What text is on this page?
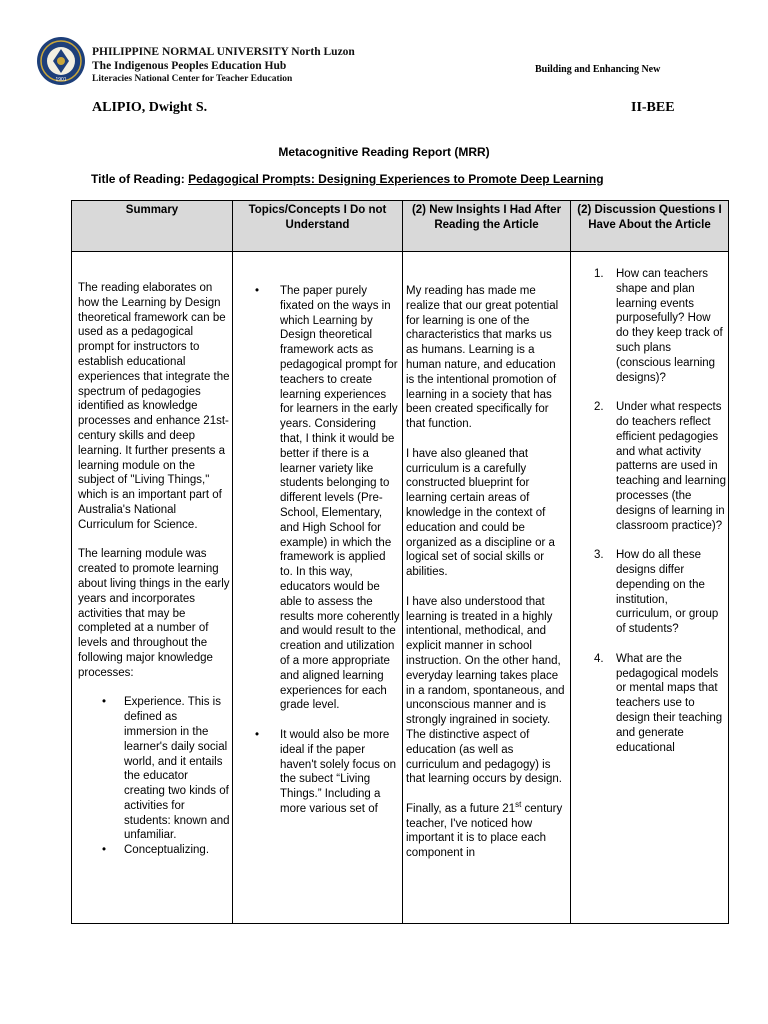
1901
PHILIPPINE NORMAL UNIVERSITY North Luzon
The Indigenous Peoples Education Hub
Literacies National Center for Teacher Education
Building and Enhancing New
ALIPIO, Dwight S.	II-BEE
Metacognitive Reading Report (MRR)
Title of Reading: Pedagogical Prompts: Designing Experiences to Promote Deep Learning
Summary	Topics/Concepts I Do not Understand
(2) New Insights I Had After Reading the Article
(2) Discussion Questions I Have About the Article

The reading elaborates on how the Learning by Design theoretical framework can be used as a pedagogical prompt for instructors to establish educational experiences that integrate the spectrum of pedagogies identified as knowledge processes and enhance 21st-century skills and deep learning. It further presents a learning module on the subject of "Living Things," which is an important part of Australia's National Curriculum for Science.

The learning module was created to promote learning about living things in the early years and incorporates activities that may be completed at a number of levels and throughout the following major knowledge processes:

• Experience. This is defined as immersion in the learner's daily social world, and it entails the educator creating two kinds of activities for students: known and unfamiliar.

• Conceptualizing.

• The paper purely fixated on the ways in which Learning by Design theoretical framework acts as pedagogical prompt for teachers to create learning experiences for learners in the early years. Considering that, I think it would be better if there is a learner variety like students belonging to different levels (Pre-School, Elementary, and High School for example) in which the framework is applied to. In this way, educators would be able to assess the results more coherently and would result to the creation and utilization of a more appropriate and aligned learning experiences for each grade level.

• It would also be more ideal if the paper haven't solely focus on the subect “Living Things.” Including a more various set of

My reading has made me realize that our great potential for learning is one of the characteristics that marks us as humans. Learning is a human nature, and education is the intentional promotion of learning in a society that has been created specifically for that function.

I have also gleaned that curriculum is a carefully constructed blueprint for learning certain areas of knowledge in the context of education and could be organized as a discipline or a logical set of social skills or abilities.

I have also understood that learning is treated in a highly intentional, methodical, and explicit manner in school instruction. On the other hand, everyday learning takes place in a random, spontaneous, and unconscious manner and is strongly ingrained in society. The distinctive aspect of education (as well as curriculum and pedagogy) is that learning occurs by design.

Finally, as a future 21st century teacher, I've noticed how important it is to place each component in

1. How can teachers shape and plan learning events purposefully? How do they keep track of such plans (conscious learning designs)?

2. Under what respects do teachers reflect efficient pedagogies and what activity patterns are used in teaching and learning processes (the designs of learning in classroom practice)?

3. How do all these designs differ depending on the institution, curriculum, or group of students?

4. What are the pedagogical models or mental maps that teachers use to design their teaching and generate educational
